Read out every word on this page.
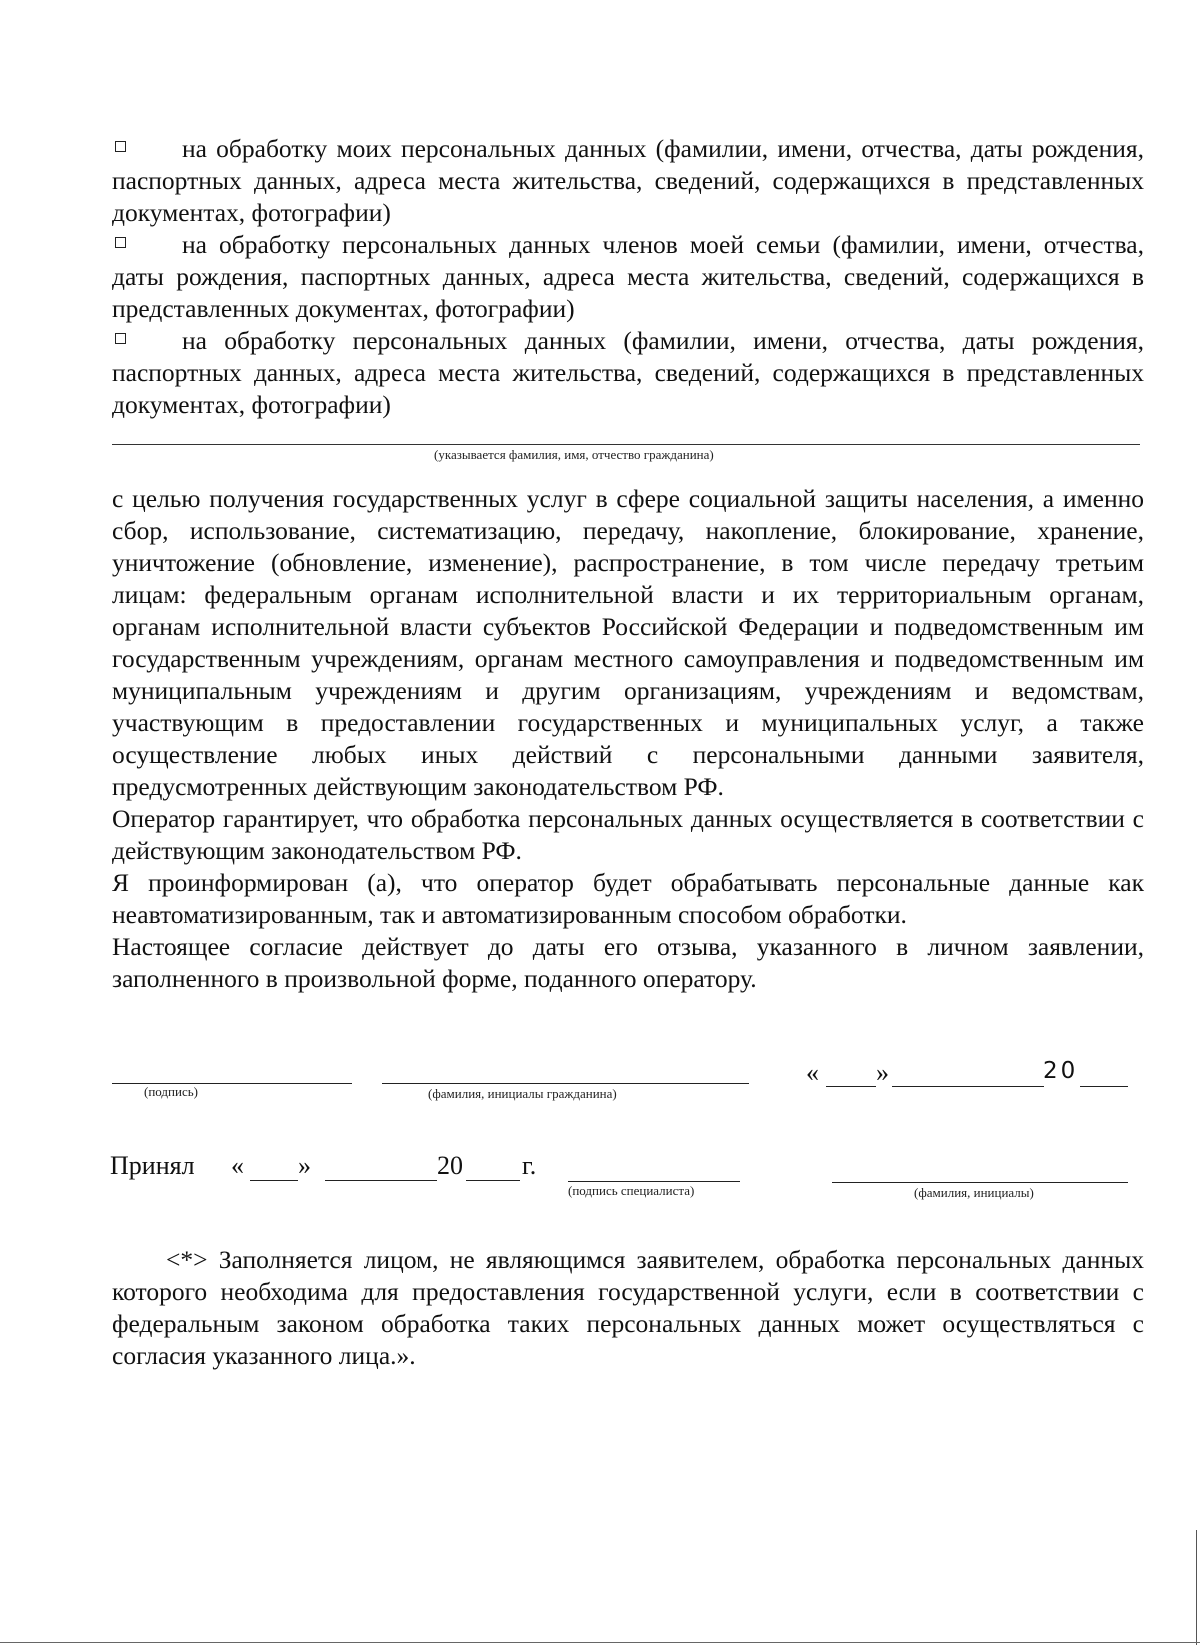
на обработку моих персональных данных (фамилии, имени, отчества, даты рождения, паспортных данных, адреса места жительства, сведений, содержащихся в представленных документах, фотографии)
на обработку персональных данных членов моей семьи (фамилии, имени, отчества, даты рождения, паспортных данных, адреса места жительства, сведений, содержащихся в представленных документах, фотографии)
на обработку персональных данных (фамилии, имени, отчества, даты рождения, паспортных данных, адреса места жительства, сведений, содержащихся в представленных документах, фотографии)
(указывается фамилия, имя, отчество гражданина)

с целью получения государственных услуг в сфере социальной защиты населения, а именно сбор, использование, систематизацию, передачу, накопление, блокирование, хранение, уничтожение (обновление, изменение), распространение, в том числе передачу третьим лицам: федеральным органам исполнительной власти и их территориальным органам, органам исполнительной власти субъектов Российской Федерации и подведомственным им государственным учреждениям, органам местного самоуправления и подведомственным им муниципальным учреждениям и другим организациям, учреждениям и ведомствам, участвующим в предоставлении государственных и муниципальных услуг, а также осуществление любых иных действий с персональными данными заявителя, предусмотренных действующим законодательством РФ.

Оператор гарантирует, что обработка персональных данных осуществляется в соответствии с действующим законодательством РФ.

Я проинформирован (а), что оператор будет обрабатывать персональные данные как неавтоматизированным, так и автоматизированным способом обработки.

Настоящее согласие действует до даты его отзыва, указанного в личном заявлении, заполненного в произвольной форме, поданного оператору.

(подпись)	(фамилия, инициалы гражданина)
« »	20
Принял « »	20 г.
(подпись специалиста)	(фамилия, инициалы)
<*> Заполняется лицом, не являющимся заявителем, обработка персональных данных которого необходима для предоставления государственной услуги, если в соответствии с федеральным законом обработка таких персональных данных может осуществляться с согласия указанного лица.».
